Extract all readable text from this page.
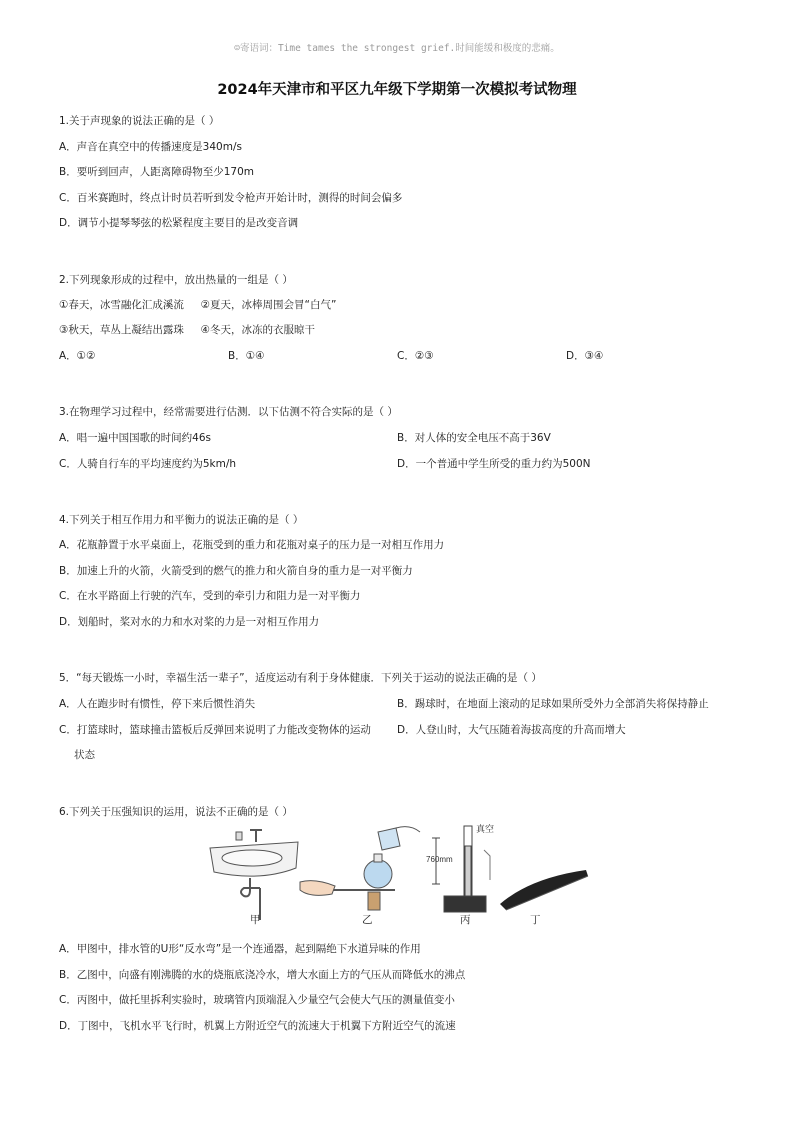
☺寄语词：Time tames the strongest grief.时间能缓和极度的悲痛。
2024年天津市和平区九年级下学期第一次模拟考试物理
1.关于声现象的说法正确的是（ ）
A．声音在真空中的传播速度是340m/s
B．要听到回声，人距离障碍物至少170m
C．百米赛跑时，终点计时员若听到发令枪声开始计时，测得的时间会偏多
D．调节小提琴琴弦的松紧程度主要目的是改变音调
2.下列现象形成的过程中，放出热量的一组是（ ）
①春天，冰雪融化汇成溪流     ②夏天，冰棒周围会冒“白气”
③秋天，草丛上凝结出露珠     ④冬天，冰冻的衣服晾干
A．①②	B．①④	C．②③	D．③④
3.在物理学习过程中，经常需要进行估测．以下估测不符合实际的是（ ）
A．唱一遍中国国歌的时间约46s	B．对人体的安全电压不高于36V
C．人骑自行车的平均速度约为5km/h	D．一个普通中学生所受的重力约为500N
4.下列关于相互作用力和平衡力的说法正确的是（ ）
A．花瓶静置于水平桌面上，花瓶受到的重力和花瓶对桌子的压力是一对相互作用力
B．加速上升的火箭，火箭受到的燃气的推力和火箭自身的重力是一对平衡力
C．在水平路面上行驶的汽车，受到的牵引力和阻力是一对平衡力
D．划船时，桨对水的力和水对桨的力是一对相互作用力
5．“每天锻炼一小时，幸福生活一辈子”，适度运动有利于身体健康．下列关于运动的说法正确的是（ ）
A．人在跑步时有惯性，停下来后惯性消失	B．踢球时，在地面上滚动的足球如果所受外力全部消失将保持静止
C．打篮球时，篮球撞击篮板后反弹回来说明了力能改变物体的运动 D．人登山时，大气压随着海拔高度的升高而增大
状态
6.下列关于压强知识的运用，说法不正确的是（ ）
真空
760mm
甲	乙	丙	丁
A．甲图中，排水管的U形“反水弯”是一个连通器，起到隔绝下水道异味的作用
B．乙图中，向盛有刚沸腾的水的烧瓶底浇冷水，增大水面上方的气压从而降低水的沸点
C．丙图中，做托里拆利实验时，玻璃管内顶端混入少量空气会使大气压的测量值变小
D．丁图中，飞机水平飞行时，机翼上方附近空气的流速大于机翼下方附近空气的流速
